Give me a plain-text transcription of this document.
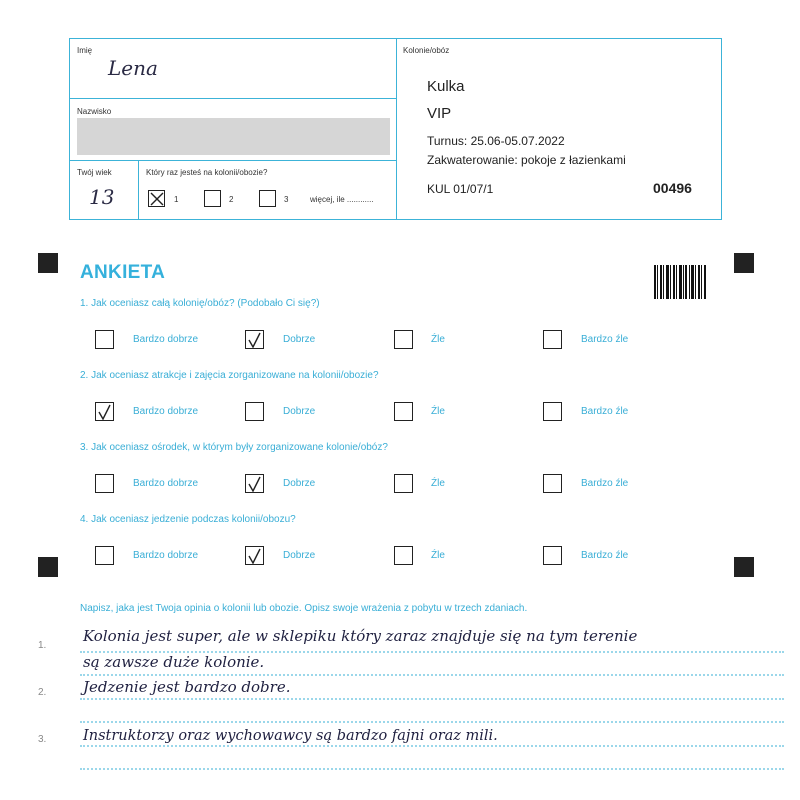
Imię
Lena
Nazwisko
Twój wiek
13
Który raz jesteś na kolonii/obozie?
1	2	3	więcej, ile ............
Kolonie/obóz
Kulka
VIP
Turnus: 25.06-05.07.2022
Zakwaterowanie: pokoje z łazienkami
KUL 01/07/1	00496
ANKIETA
1. Jak oceniasz całą kolonię/obóz? (Podobało Ci się?)
Bardzo dobrze	Dobrze	Źle	Bardzo źle
2. Jak oceniasz atrakcje i zajęcia zorganizowane na kolonii/obozie?
Bardzo dobrze	Dobrze	Źle	Bardzo źle
3. Jak oceniasz ośrodek, w którym były zorganizowane kolonie/obóz?
Bardzo dobrze	Dobrze	Źle	Bardzo źle
4. Jak oceniasz jedzenie podczas kolonii/obozu?
Bardzo dobrze	Dobrze	Źle	Bardzo źle
Napisz, jaka jest Twoja opinia o kolonii lub obozie. Opisz swoje wrażenia z pobytu w trzech zdaniach.
1.
2.
3.
Kolonia jest super, ale w sklepiku który zaraz znajduje się na tym terenie
są zawsze duże kolonie.
Jedzenie jest bardzo dobre.
Instruktorzy oraz wychowawcy są bardzo fajni oraz mili.
